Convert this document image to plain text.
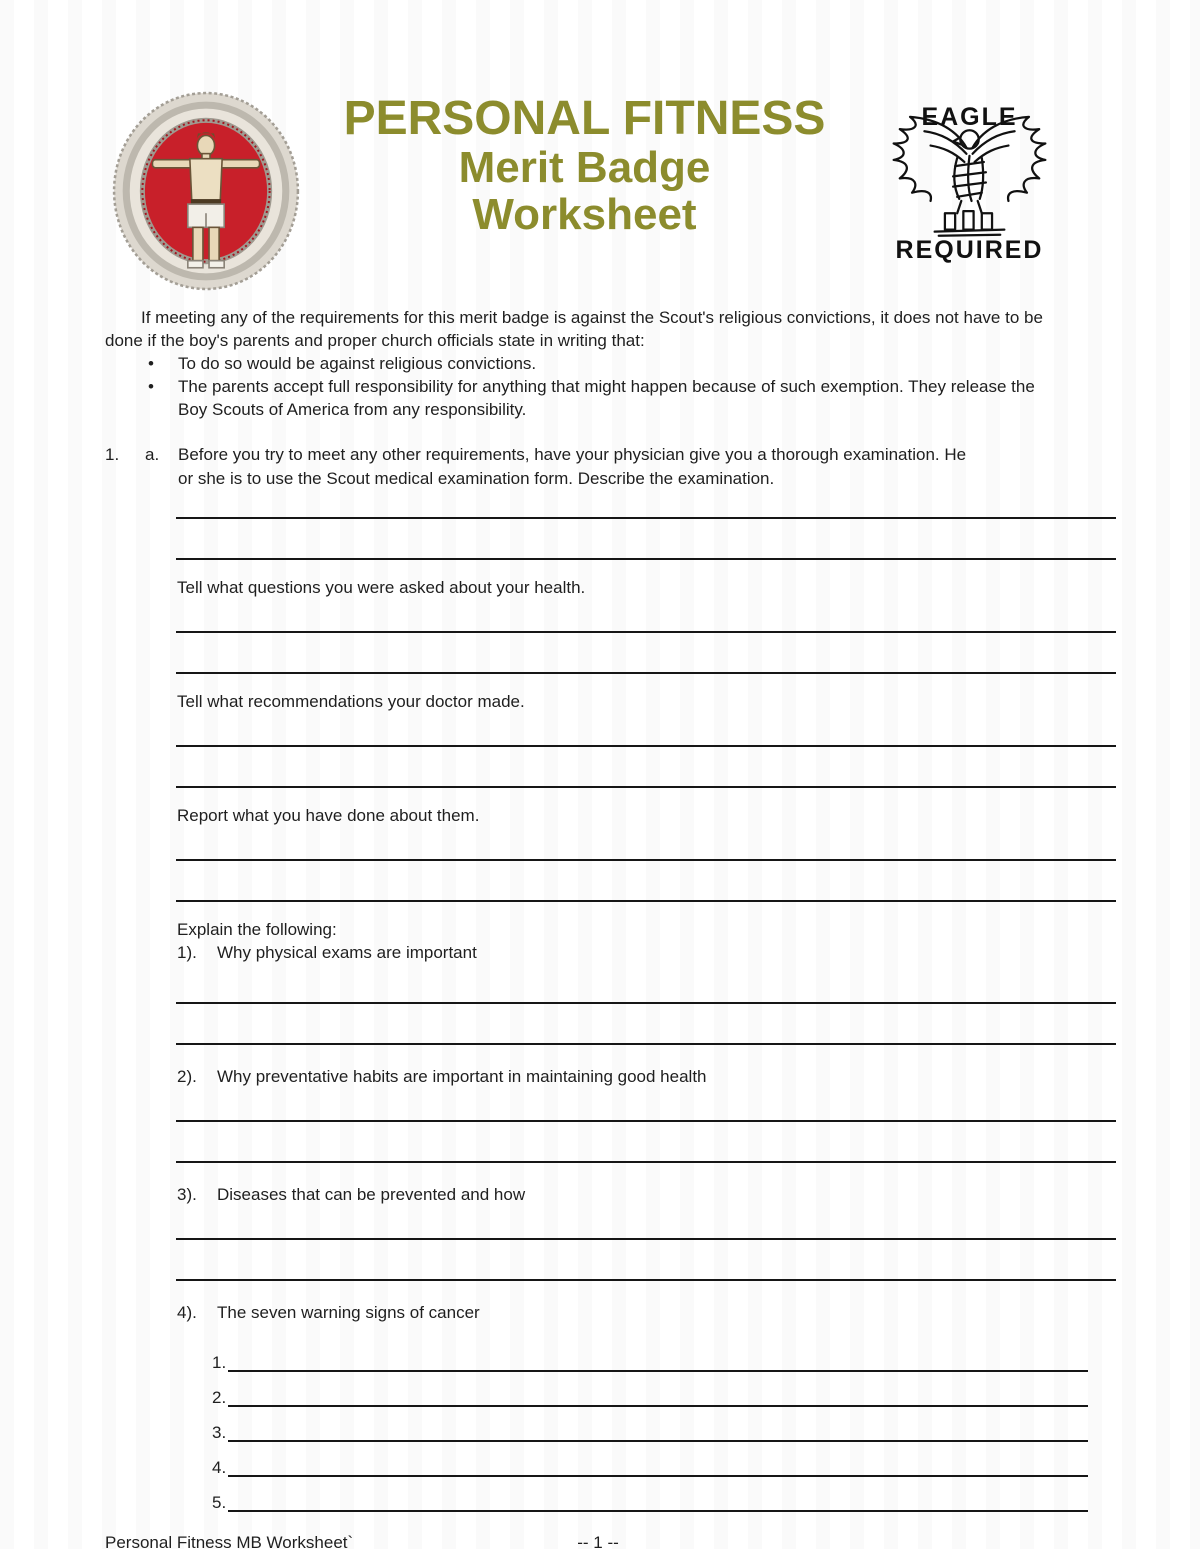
PERSONAL FITNESS
Merit Badge
Worksheet
EAGLE
REQUIRED
If meeting any of the requirements for this merit badge is against the Scout's religious convictions, it does not have to be
done if the boy's parents and proper church officials state in writing that:
•	To do so would be against religious convictions.
•	The parents accept full responsibility for anything that might happen because of such exemption. They release the
Boy Scouts of America from any responsibility.
1.	a.	Before you try to meet any other requirements, have your physician give you a thorough examination. He
or she is to use the Scout medical examination form. Describe the examination.
Tell what questions you were asked about your health.
Tell what recommendations your doctor made.
Report what you have done about them.
Explain the following:
1).	Why physical exams are important
2).	Why preventative habits are important in maintaining good health
3).	Diseases that can be prevented and how
4).	The seven warning signs of cancer
1.
2.
3.
4.
5.
Personal Fitness MB Worksheet`	-- 1 --
